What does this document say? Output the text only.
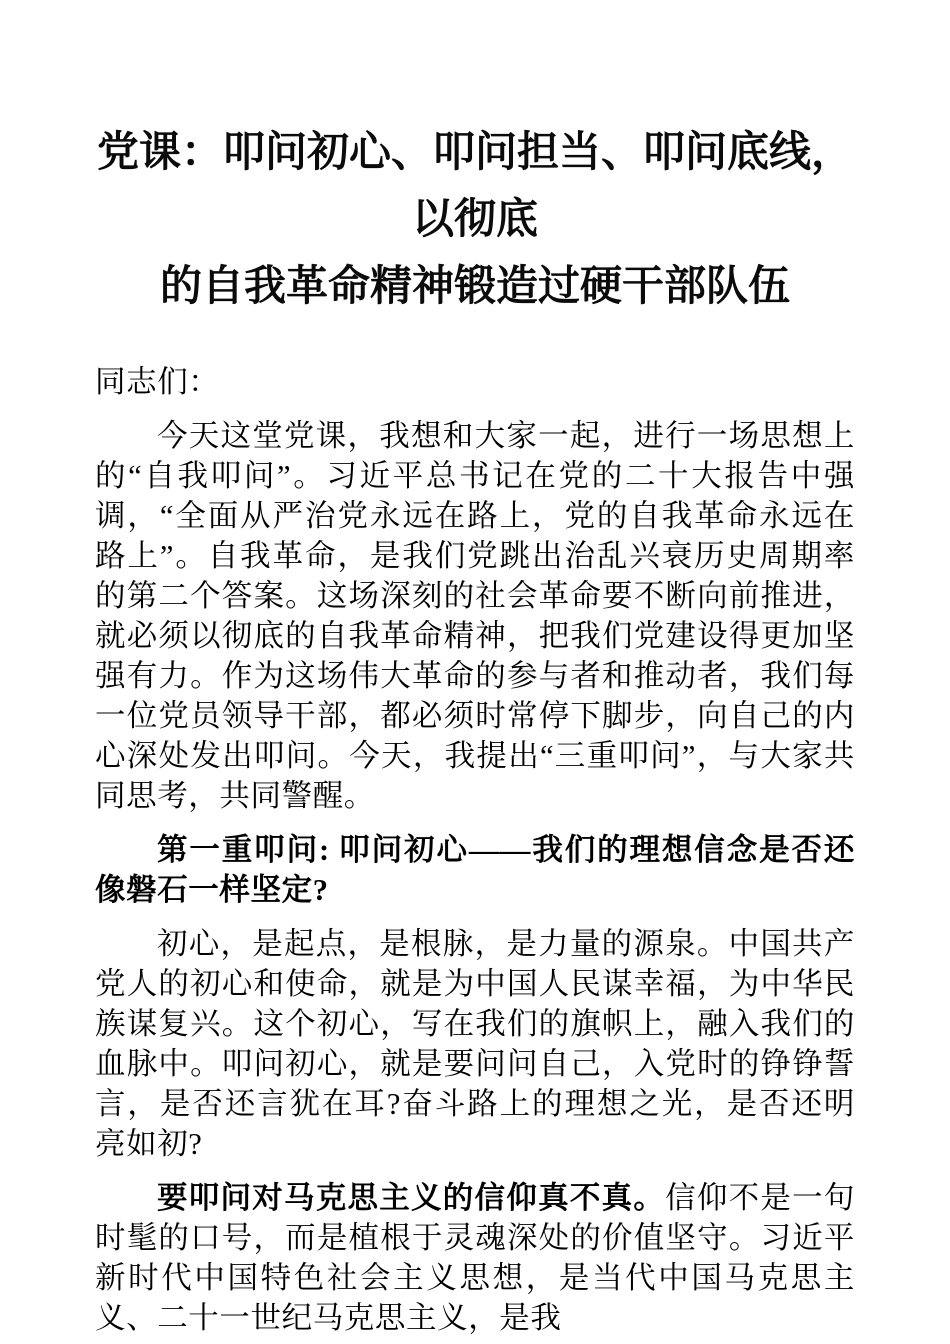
党课：叩问初心、叩问担当、叩问底线，以彻底
的自我革命精神锻造过硬干部队伍
同志们：

今天这堂党课，我想和大家一起，进行一场思想上的“自我叩问”。习近平总书记在党的二十大报告中强调，“全面从严治党永远在路上，党的自我革命永远在路上”。自我革命，是我们党跳出治乱兴衰历史周期率的第二个答案。这场深刻的社会革命要不断向前推进，就必须以彻底的自我革命精神，把我们党建设得更加坚强有力。作为这场伟大革命的参与者和推动者，我们每一位党员领导干部，都必须时常停下脚步，向自己的内心深处发出叩问。今天，我提出“三重叩问”，与大家共同思考，共同警醒。

第一重叩问: 叩问初心——我们的理想信念是否还像磐石一样坚定?

初心，是起点，是根脉，是力量的源泉。中国共产党人的初心和使命，就是为中国人民谋幸福，为中华民族谋复兴。这个初心，写在我们的旗帜上，融入我们的血脉中。叩问初心，就是要问问自己，入党时的铮铮誓言，是否还言犹在耳?奋斗路上的理想之光，是否还明亮如初?

要叩问对马克思主义的信仰真不真。信仰不是一句时髦的口号，而是植根于灵魂深处的价值坚守。习近平新时代中国特色社会主义思想，是当代中国马克思主义、二十一世纪马克思主义，是我
